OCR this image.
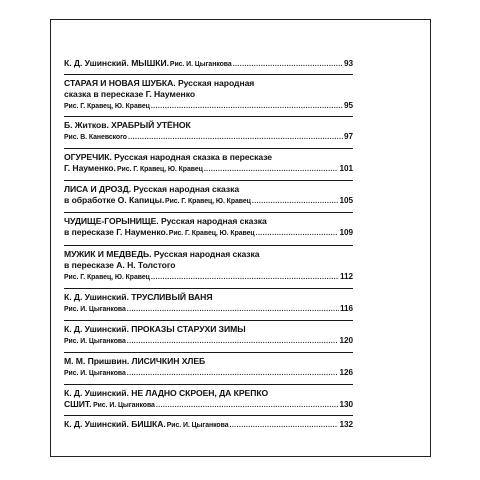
К. Д. Ушинский. МЫШКИ. Рис. И. Цыганкова .....	93
СТАРАЯ И НОВАЯ ШУБКА. Русская народная
сказка в пересказе Г. Науменко
Рис. Г. Кравец, Ю. Кравец .....	95
Б. Житков. ХРАБРЫЙ УТЁНОК
Рис. В. Каневского .....	97
ОГУРЕЧИК. Русская народная сказка в пересказе
Г. Науменко. Рис. Г. Кравец, Ю. Кравец .....	101
ЛИСА И ДРОЗД. Русская народная сказка
в обработке О. Капицы. Рис. Г. Кравец, Ю. Кравец .....	105
ЧУДИЩЕ-ГОРЫНИЩЕ. Русская народная сказка
в пересказе Г. Науменко. Рис. Г. Кравец, Ю. Кравец .....	109
МУЖИК И МЕДВЕДЬ. Русская народная сказка
в пересказе А. Н. Толстого
Рис. Г. Кравец, Ю. Кравец .....	112
К. Д. Ушинский. ТРУСЛИВЫЙ ВАНЯ
Рис. И. Цыганкова .....	116
К. Д. Ушинский. ПРОКАЗЫ СТАРУХИ ЗИМЫ
Рис. И. Цыганкова .....	120
М. М. Пришвин. ЛИСИЧКИН ХЛЕБ
Рис. И. Цыганкова .....	126
К. Д. Ушинский. НЕ ЛАДНО СКРОЕН, ДА КРЕПКО
СШИТ. Рис. И. Цыганкова .....	130
К. Д. Ушинский. БИШКА. Рис. И. Цыганкова .....	132
